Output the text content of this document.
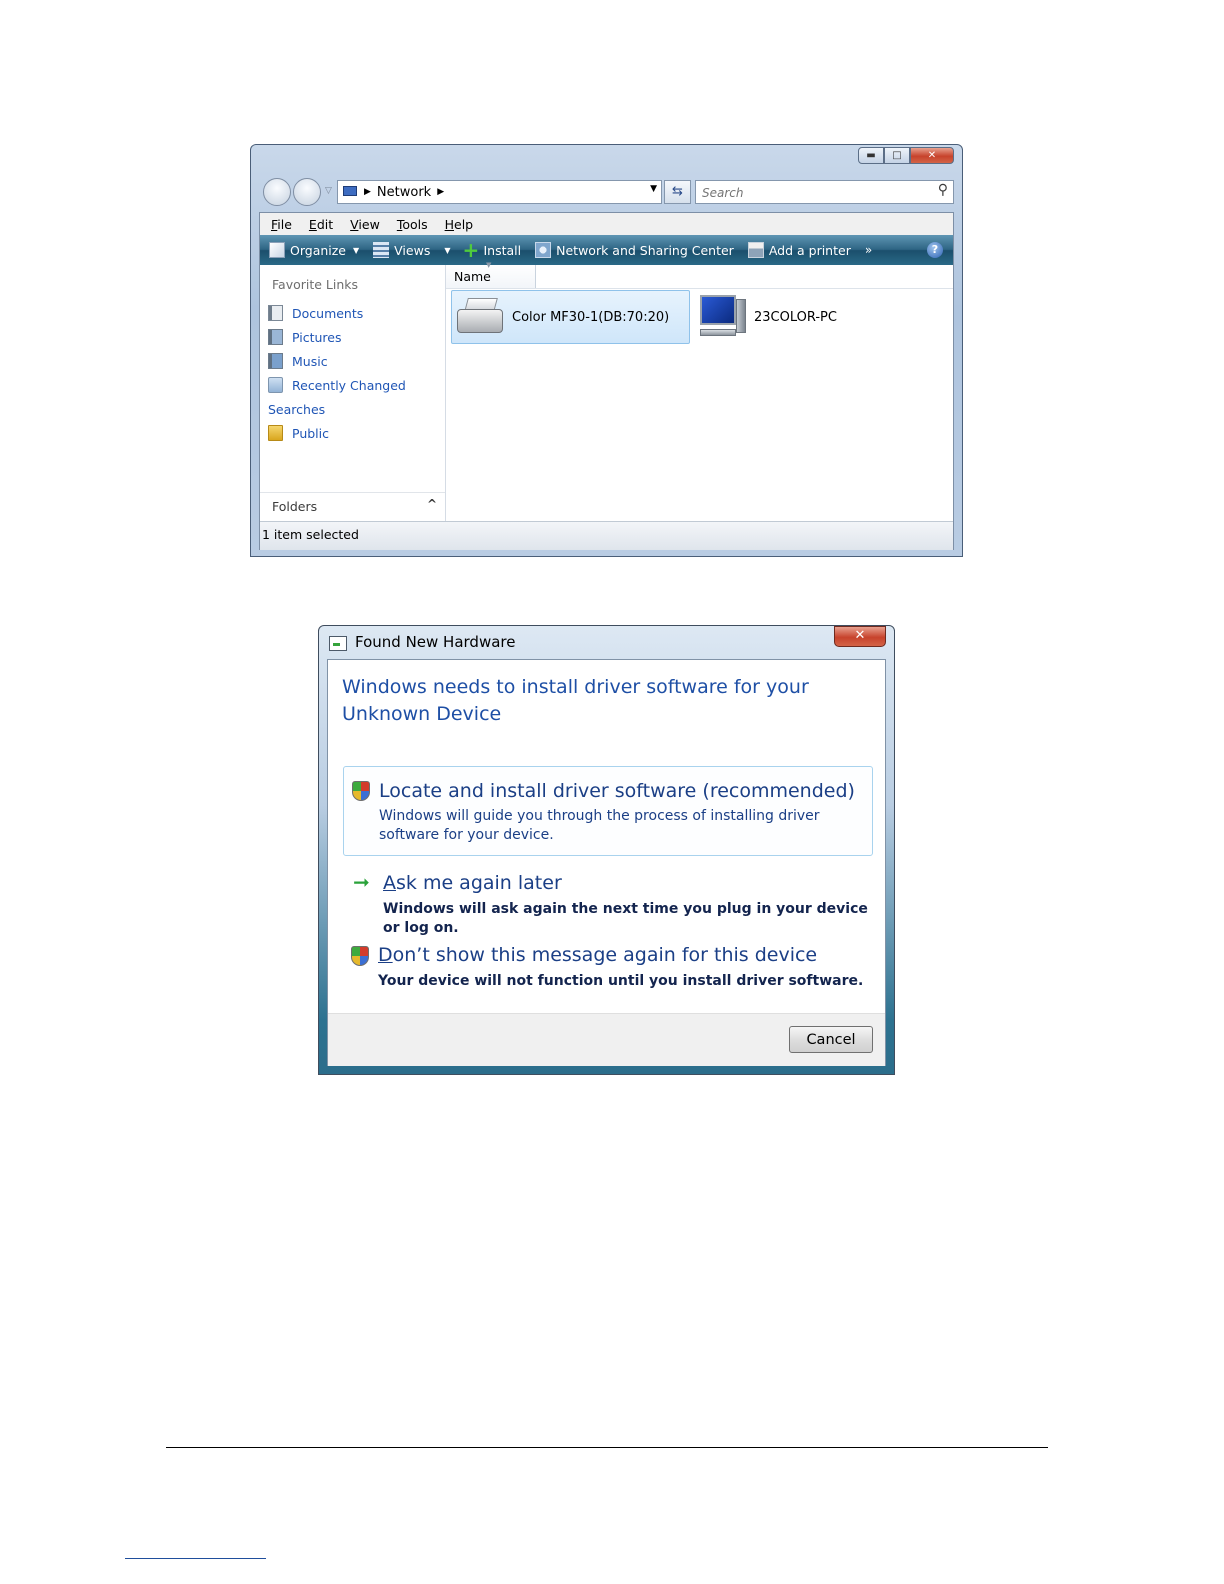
▬	□	✕
▽	▶ Network ▶	▼	⇆
Search	⚲
File Edit View Tools Help
Organize ▼	Views ▼
+	Install	Network and Sharing Center	Add a printer »	?
Favorite Links
Documents
Pictures
Music
Recently Changed
Searches
Public
Folders	^
▼
Name
Color MF30-1(DB:70:20)	23COLOR-PC
1 item selected
Found New Hardware	✕
Windows needs to install driver software for your Unknown Device
Locate and install driver software (recommended)
Windows will guide you through the process of installing driver software for your device.
➞ Ask me again later
Windows will ask again the next time you plug in your device or log on.
Don’t show this message again for this device
Your device will not function until you install driver software.
Cancel
